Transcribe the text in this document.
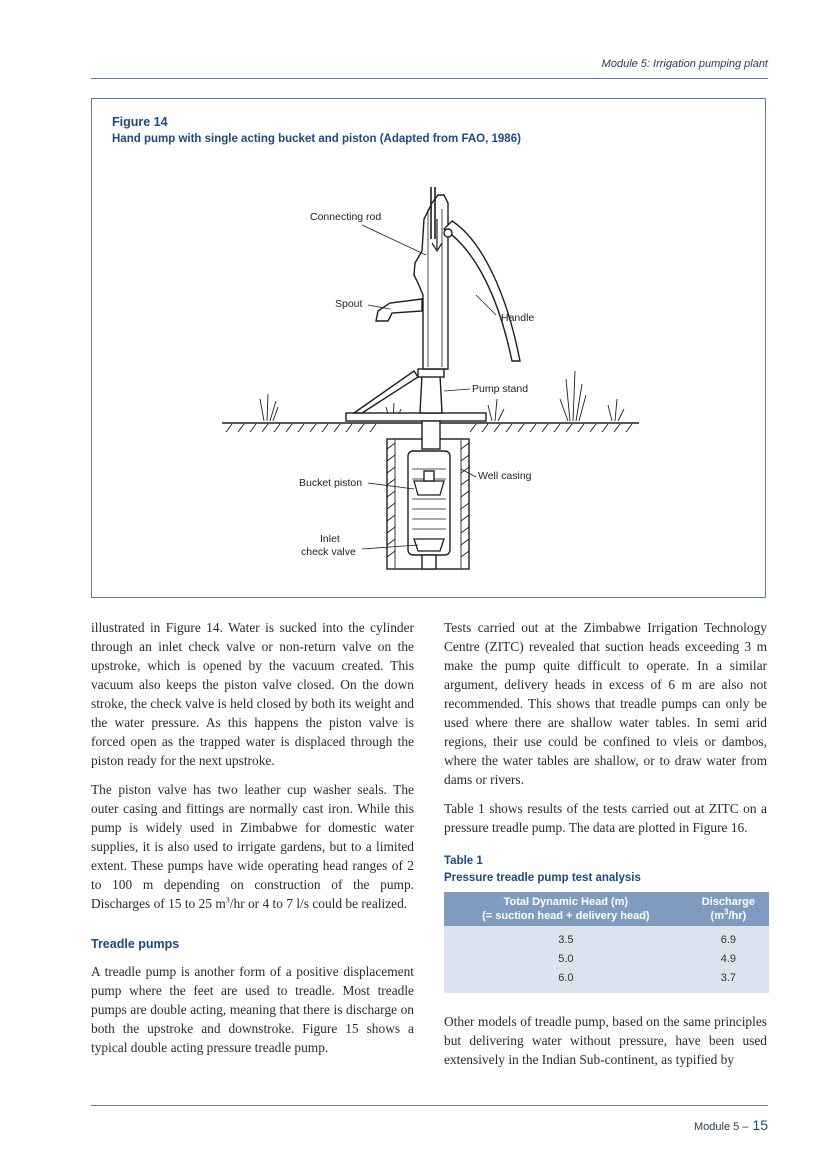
Module 5: Irrigation pumping plant
Connecting rod
Spout
Handle
Pump stand
Bucket piston
Well casing
Inlet
check valve
Figure 14
Hand pump with single acting bucket and piston (Adapted from FAO, 1986)

illustrated in Figure 14. Water is sucked into the cylinder through an inlet check valve or non-return valve on the upstroke, which is opened by the vacuum created. This vacuum also keeps the piston valve closed. On the down stroke, the check valve is held closed by both its weight and the water pressure. As this happens the piston valve is forced open as the trapped water is displaced through the piston ready for the next upstroke.

The piston valve has two leather cup washer seals. The outer casing and fittings are normally cast iron. While this pump is widely used in Zimbabwe for domestic water supplies, it is also used to irrigate gardens, but to a limited extent. These pumps have wide operating head ranges of 2 to 100 m depending on construction of the pump. Discharges of 15 to 25 $m^3/hr$ or 4 to 7 l/s could be realized.

Treadle pumps

A treadle pump is another form of a positive displacement pump where the feet are used to treadle. Most treadle pumps are double acting, meaning that there is discharge on both the upstroke and downstroke. Figure 15 shows a typical double acting pressure treadle pump.

Tests carried out at the Zimbabwe Irrigation Technology Centre (ZITC) revealed that suction heads exceeding 3 m make the pump quite difficult to operate. In a similar argument, delivery heads in excess of 6 m are also not recommended. This shows that treadle pumps can only be used where there are shallow water tables. In semi arid regions, their use could be confined to vleis or dambos, where the water tables are shallow, or to draw water from dams or rivers.

Table 1 shows results of the tests carried out at ZITC on a pressure treadle pump. The data are plotted in Figure 16.

Table 1
Pressure treadle pump test analysis
Total Dynamic Head (m)
(= suction head + delivery head)	Discharge
$(m^3/hr)$
3.5	6.9
5.0	4.9
6.0	3.7

Other models of treadle pump, based on the same principles but delivering water without pressure, have been used extensively in the Indian Sub-continent, as typified by

Module 5 – 15
